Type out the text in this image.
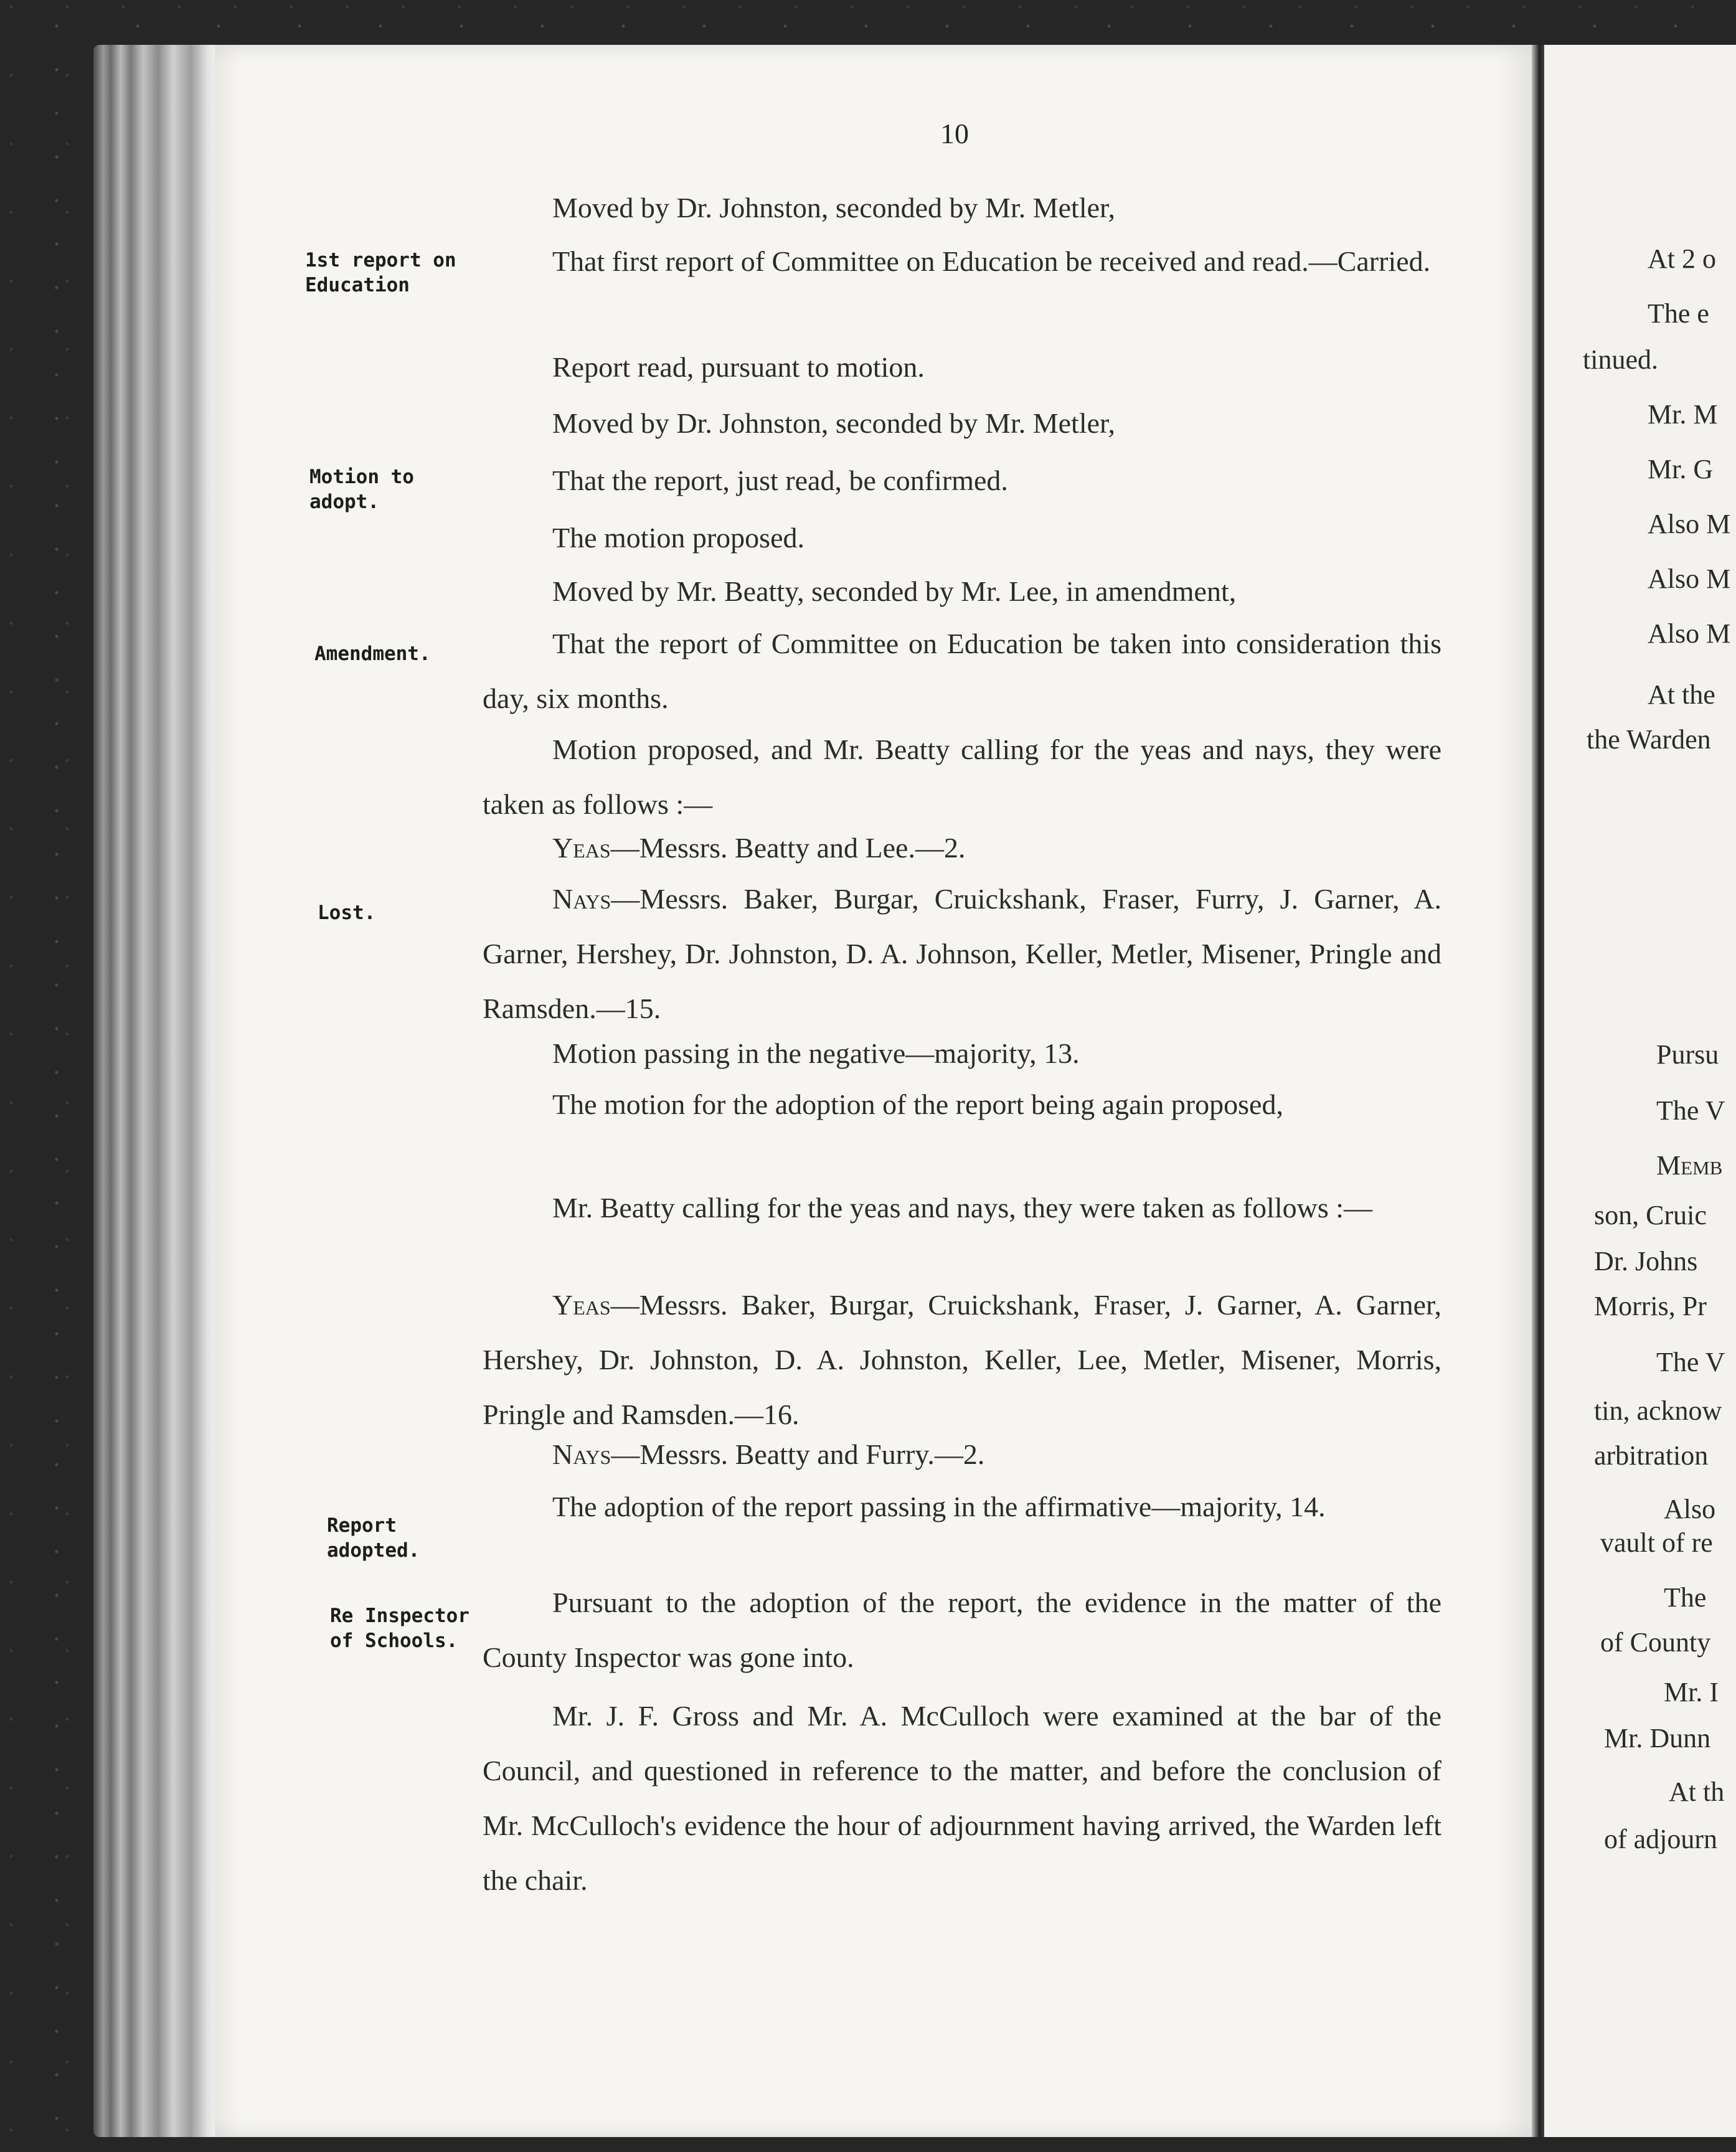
10
1st report on
Education
Motion to
adopt.
Amendment.
Lost.
Report
adopted.
Re Inspector
of Schools.

Moved by Dr. Johnston, seconded by Mr. Metler,

That first report of Committee on Education be received and read.—Carried.

Report read, pursuant to motion.

Moved by Dr. Johnston, seconded by Mr. Metler,

That the report, just read, be confirmed.

The motion proposed.

Moved by Mr. Beatty, seconded by Mr. Lee, in amendment,

That the report of Committee on Education be taken into consideration this day, six months.

Motion proposed, and Mr. Beatty calling for the yeas and nays, they were taken as follows :—

Yeas—Messrs. Beatty and Lee.—2.

Nays—Messrs. Baker, Burgar, Cruickshank, Fraser, Furry, J. Garner, A. Garner, Hershey, Dr. Johnston, D. A. Johnson, Keller, Metler, Misener, Pringle and Ramsden.—15.

Motion passing in the negative—majority, 13.

The motion for the adoption of the report being again proposed,

Mr. Beatty calling for the yeas and nays, they were taken as follows :—

Yeas—Messrs. Baker, Burgar, Cruickshank, Fraser, J. Garner, A. Garner, Hershey, Dr. Johnston, D. A. Johnston, Keller, Lee, Metler, Misener, Morris, Pringle and Ramsden.—16.

Nays—Messrs. Beatty and Furry.—2.

The adoption of the report passing in the affirmative—majority, 14.

Pursuant to the adoption of the report, the evidence in the matter of the County Inspector was gone into.

Mr. J. F. Gross and Mr. A. McCulloch were examined at the bar of the Council, and questioned in reference to the matter, and before the conclusion of Mr. McCulloch's evidence the hour of adjournment having arrived, the Warden left the chair.

At 2 o
The e
tinued.
Mr. M
Mr. G
Also M
Also M
Also M
At the
the Warden
Pursu
The V
Memb
son, Cruic
Dr. Johns
Morris, Pr
The V
tin, acknow
arbitration
Also
vault of re
The
of County
Mr. I
Mr. Dunn
At th
of adjourn
